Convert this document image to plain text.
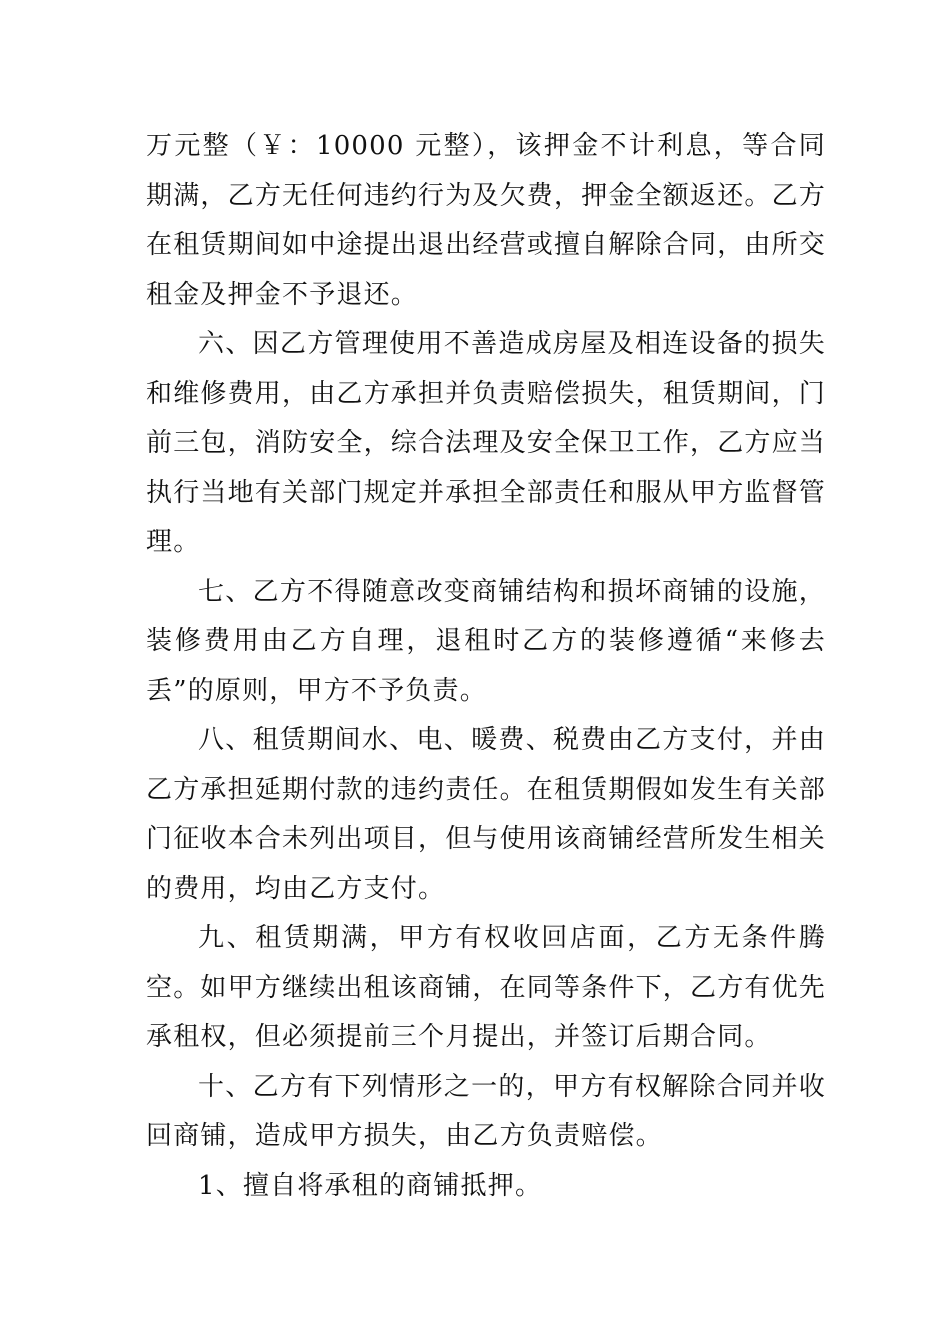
万元整（￥：10000 元整），该押金不计利息，等合同期满，乙方无任何违约行为及欠费，押金全额返还。乙方在租赁期间如中途提出退出经营或擅自解除合同，由所交租金及押金不予退还。

六、因乙方管理使用不善造成房屋及相连设备的损失和维修费用，由乙方承担并负责赔偿损失，租赁期间，门前三包，消防安全，综合法理及安全保卫工作，乙方应当执行当地有关部门规定并承担全部责任和服从甲方监督管理。

七、乙方不得随意改变商铺结构和损坏商铺的设施，装修费用由乙方自理，退租时乙方的装修遵循“来修去丢”的原则，甲方不予负责。

八、租赁期间水、电、暖费、税费由乙方支付，并由乙方承担延期付款的违约责任。在租赁期假如发生有关部门征收本合未列出项目，但与使用该商铺经营所发生相关的费用，均由乙方支付。

九、租赁期满，甲方有权收回店面，乙方无条件腾空。如甲方继续出租该商铺，在同等条件下，乙方有优先承租权，但必须提前三个月提出，并签订后期合同。

十、乙方有下列情形之一的，甲方有权解除合同并收回商铺，造成甲方损失，由乙方负责赔偿。

1、擅自将承租的商铺抵押。
